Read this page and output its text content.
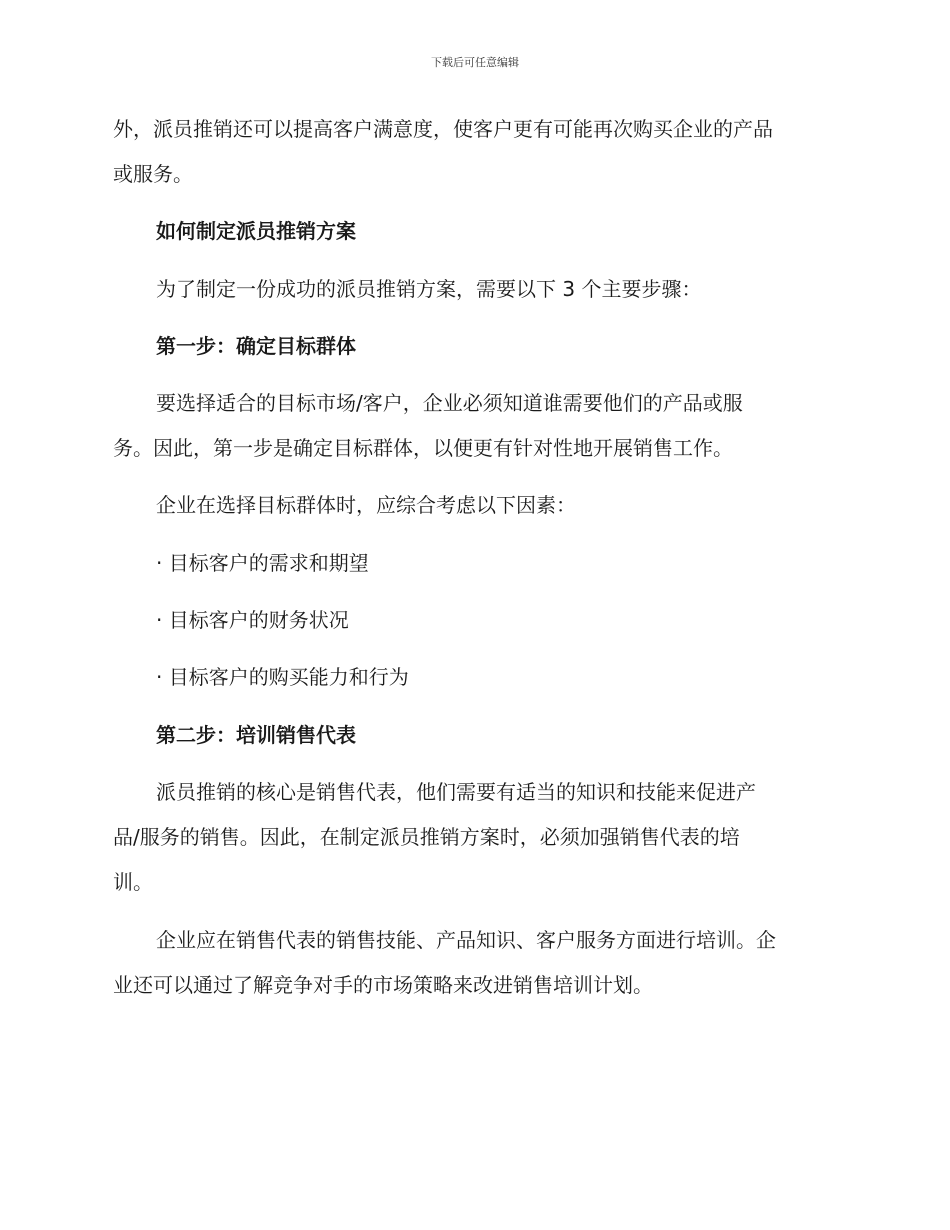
下载后可任意编辑
外，派员推销还可以提高客户满意度，使客户更有可能再次购买企业的产品
或服务。
如何制定派员推销方案
为了制定一份成功的派员推销方案，需要以下 3 个主要步骤：
第一步：确定目标群体
要选择适合的目标市场/客户，企业必须知道谁需要他们的产品或服
务。因此，第一步是确定目标群体，以便更有针对性地开展销售工作。
企业在选择目标群体时，应综合考虑以下因素：
· 目标客户的需求和期望
· 目标客户的财务状况
· 目标客户的购买能力和行为
第二步：培训销售代表
派员推销的核心是销售代表，他们需要有适当的知识和技能来促进产
品/服务的销售。因此，在制定派员推销方案时，必须加强销售代表的培
训。
企业应在销售代表的销售技能、产品知识、客户服务方面进行培训。企
业还可以通过了解竞争对手的市场策略来改进销售培训计划。
